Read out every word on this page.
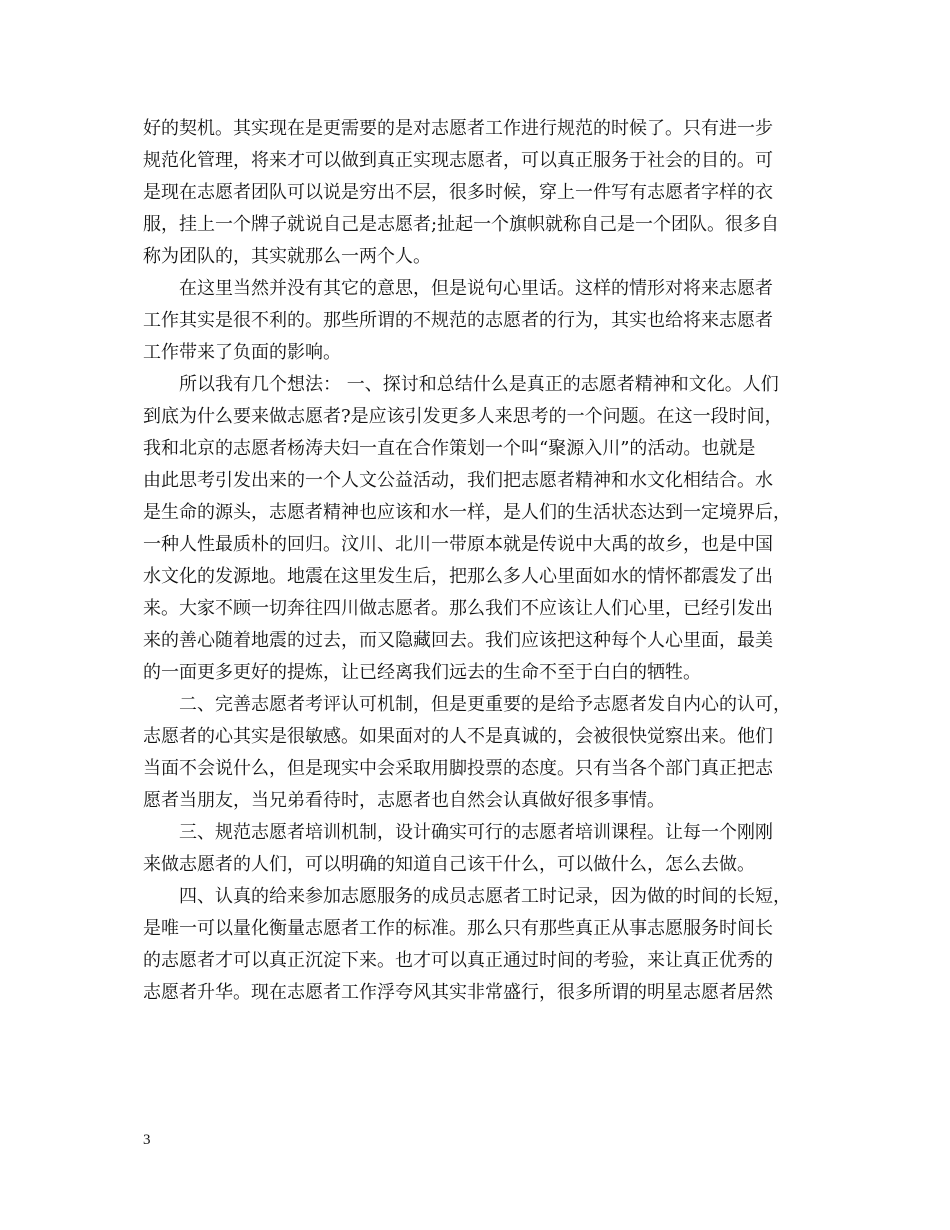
好的契机。其实现在是更需要的是对志愿者工作进行规范的时候了。只有进一步
规范化管理，将来才可以做到真正实现志愿者，可以真正服务于社会的目的。可
是现在志愿者团队可以说是穷出不层，很多时候，穿上一件写有志愿者字样的衣
服，挂上一个牌子就说自己是志愿者;扯起一个旗帜就称自己是一个团队。很多自
称为团队的，其实就那么一两个人。
在这里当然并没有其它的意思，但是说句心里话。这样的情形对将来志愿者
工作其实是很不利的。那些所谓的不规范的志愿者的行为，其实也给将来志愿者
工作带来了负面的影响。
所以我有几个想法： 一、探讨和总结什么是真正的志愿者精神和文化。人们
到底为什么要来做志愿者?是应该引发更多人来思考的一个问题。在这一段时间，
我和北京的志愿者杨涛夫妇一直在合作策划一个叫“聚源入川”的活动。也就是
由此思考引发出来的一个人文公益活动，我们把志愿者精神和水文化相结合。水
是生命的源头，志愿者精神也应该和水一样，是人们的生活状态达到一定境界后，
一种人性最质朴的回归。汶川、北川一带原本就是传说中大禹的故乡，也是中国
水文化的发源地。地震在这里发生后，把那么多人心里面如水的情怀都震发了出
来。大家不顾一切奔往四川做志愿者。那么我们不应该让人们心里，已经引发出
来的善心随着地震的过去，而又隐藏回去。我们应该把这种每个人心里面，最美
的一面更多更好的提炼，让已经离我们远去的生命不至于白白的牺牲。
二、完善志愿者考评认可机制，但是更重要的是给予志愿者发自内心的认可，
志愿者的心其实是很敏感。如果面对的人不是真诚的，会被很快觉察出来。他们
当面不会说什么，但是现实中会采取用脚投票的态度。只有当各个部门真正把志
愿者当朋友，当兄弟看待时，志愿者也自然会认真做好很多事情。
三、规范志愿者培训机制，设计确实可行的志愿者培训课程。让每一个刚刚
来做志愿者的人们，可以明确的知道自己该干什么，可以做什么，怎么去做。
四、认真的给来参加志愿服务的成员志愿者工时记录，因为做的时间的长短，
是唯一可以量化衡量志愿者工作的标准。那么只有那些真正从事志愿服务时间长
的志愿者才可以真正沉淀下来。也才可以真正通过时间的考验，来让真正优秀的
志愿者升华。现在志愿者工作浮夸风其实非常盛行，很多所谓的明星志愿者居然
3
